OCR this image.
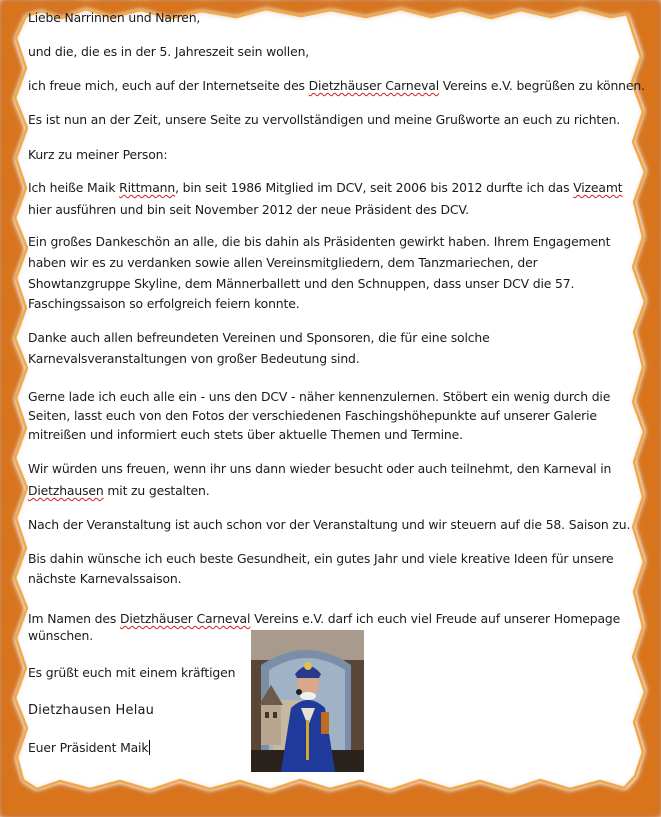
Liebe Narrinnen und Narren,
und die, die es in der 5. Jahreszeit sein wollen,
ich freue mich, euch auf der Internetseite des Dietzhäuser Carneval Vereins e.V. begrüßen zu können.
Es ist nun an der Zeit, unsere Seite zu vervollständigen und meine Grußworte an euch zu richten.
Kurz zu meiner Person:
Ich heiße Maik Rittmann, bin seit 1986 Mitglied im DCV, seit 2006 bis 2012 durfte ich das Vizeamt
hier ausführen und bin seit November 2012 der neue Präsident des DCV.
Ein großes Dankeschön an alle, die bis dahin als Präsidenten gewirkt haben. Ihrem Engagement
haben wir es zu verdanken sowie allen Vereinsmitgliedern, dem Tanzmariechen, der
Showtanzgruppe Skyline, dem Männerballett und den Schnuppen, dass unser DCV die 57.
Faschingssaison so erfolgreich feiern konnte.
Danke auch allen befreundeten Vereinen und Sponsoren, die für eine solche
Karnevalsveranstaltungen von großer Bedeutung sind.
Gerne lade ich euch alle ein - uns den DCV - näher kennenzulernen. Stöbert ein wenig durch die
Seiten, lasst euch von den Fotos der verschiedenen Faschingshöhepunkte auf unserer Galerie
mitreißen und informiert euch stets über aktuelle Themen und Termine.
Wir würden uns freuen, wenn ihr uns dann wieder besucht oder auch teilnehmt, den Karneval in
Dietzhausen mit zu gestalten.
Nach der Veranstaltung ist auch schon vor der Veranstaltung und wir steuern auf die 58. Saison zu.
Bis dahin wünsche ich euch beste Gesundheit, ein gutes Jahr und viele kreative Ideen für unsere
nächste Karnevalssaison.
Im Namen des Dietzhäuser Carneval Vereins e.V. darf ich euch viel Freude auf unserer Homepage
wünschen.
Es grüßt euch mit einem kräftigen
Dietzhausen Helau
Euer Präsident Maik
